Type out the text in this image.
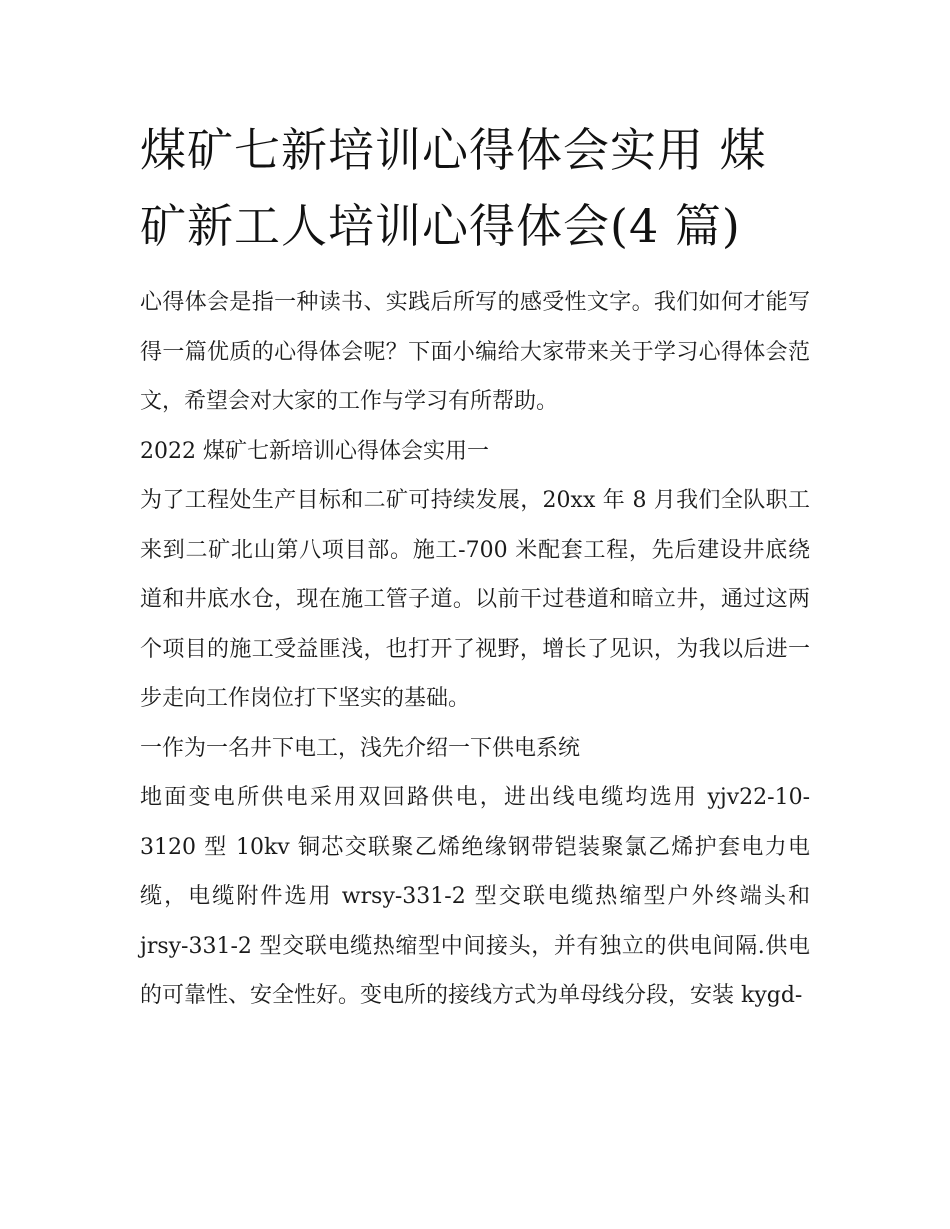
煤矿七新培训心得体会实用 煤矿新工人培训心得体会(4 篇)

心得体会是指一种读书、实践后所写的感受性文字。我们如何才能写得一篇优质的心得体会呢？下面小编给大家带来关于学习心得体会范文，希望会对大家的工作与学习有所帮助。

2022 煤矿七新培训心得体会实用一

为了工程处生产目标和二矿可持续发展，20xx 年 8 月我们全队职工来到二矿北山第八项目部。施工-700 米配套工程，先后建设井底绕道和井底水仓，现在施工管子道。以前干过巷道和暗立井，通过这两个项目的施工受益匪浅，也打开了视野，增长了见识，为我以后进一步走向工作岗位打下坚实的基础。

一作为一名井下电工，浅先介绍一下供电系统

地面变电所供电采用双回路供电，进出线电缆均选用 yjv22-10-3120 型 10kv 铜芯交联聚乙烯绝缘钢带铠装聚氯乙烯护套电力电缆，电缆附件选用 wrsy-331-2 型交联电缆热缩型户外终端头和 jrsy-331-2 型交联电缆热缩型中间接头，并有独立的供电间隔.供电的可靠性、安全性好。变电所的接线方式为单母线分段，安装 kygd-
